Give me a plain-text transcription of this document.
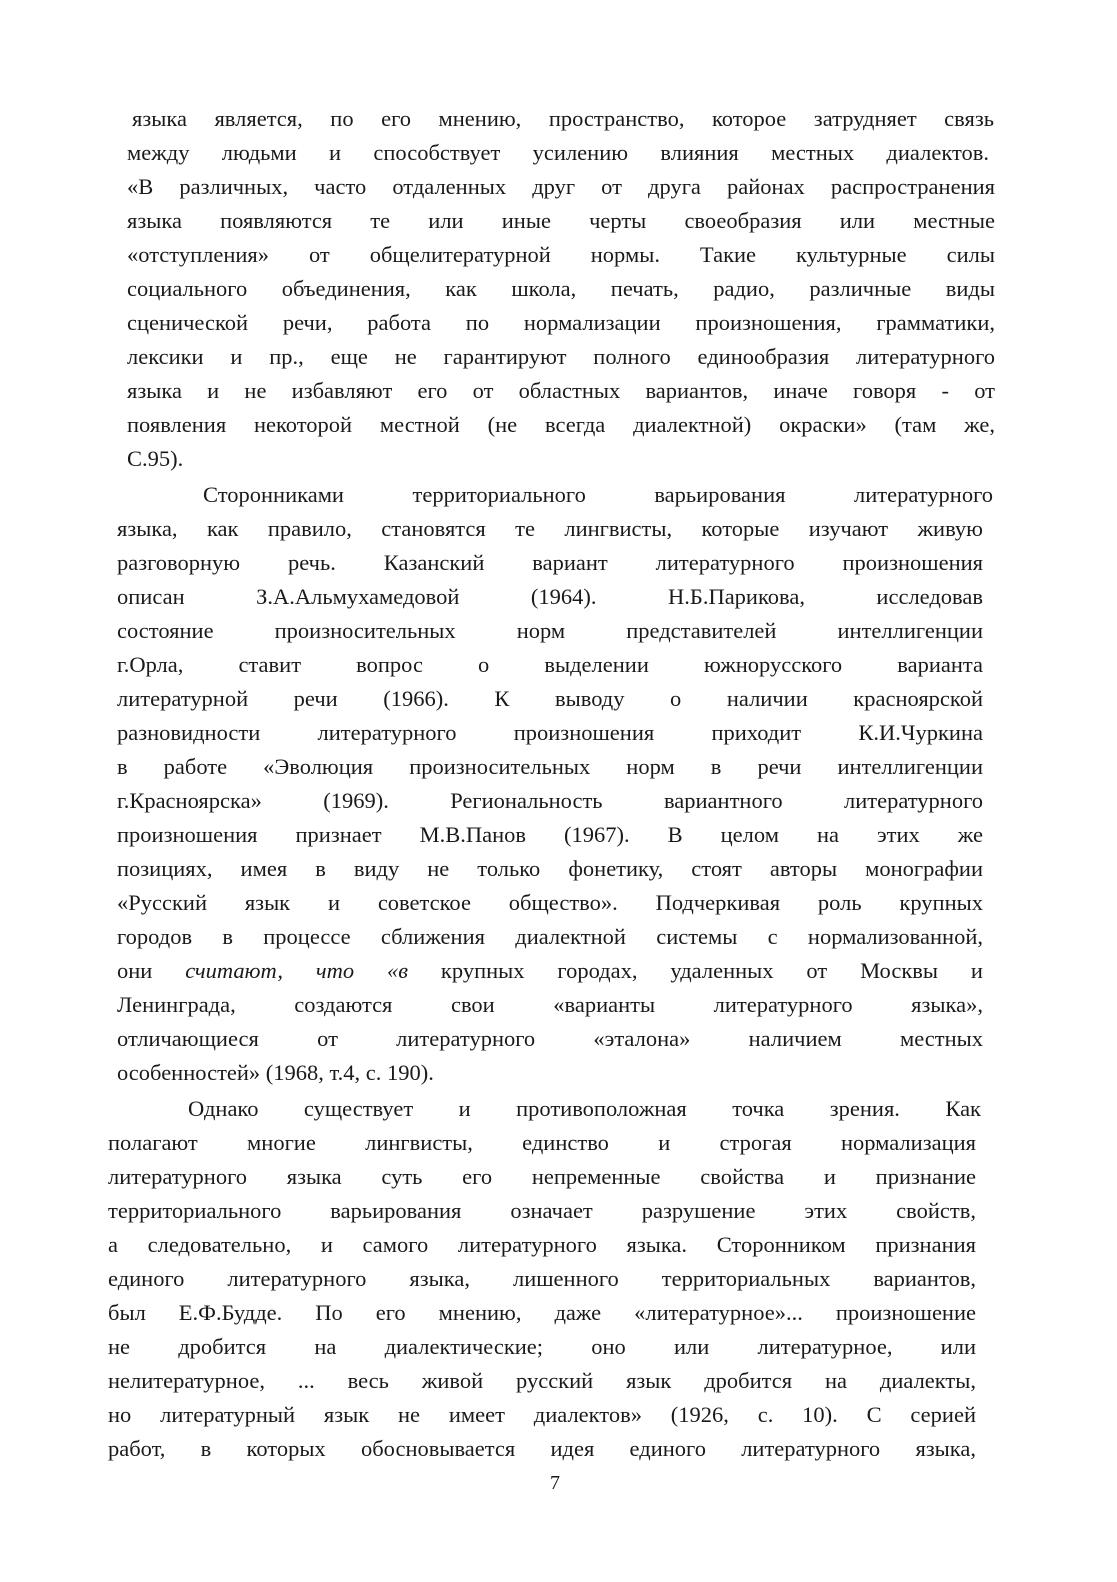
языка является, по его мнению, пространство, которое затрудняет связь
между людьми и способствует усилению влияния местных диалектов.
«В различных, часто отдаленных друг от друга районах распространения
языка появляются те или иные черты своеобразия или местные
«отступления» от общелитературной нормы. Такие культурные силы
социального объединения, как школа, печать, радио, различные виды
сценической речи, работа по нормализации произношения, грамматики,
лексики и пр., еще не гарантируют полного единообразия литературного
языка и не избавляют его от областных вариантов, иначе говоря - от
появления некоторой местной (не всегда диалектной) окраски» (там же,
С.95).
Сторонниками территориального варьирования литературного
языка, как правило, становятся те лингвисты, которые изучают живую
разговорную речь. Казанский вариант литературного произношения
описан З.А.Альмухамедовой (1964). Н.Б.Парикова, исследовав
состояние произносительных норм представителей интеллигенции
г.Орла, ставит вопрос о выделении южнорусского варианта
литературной речи (1966). К выводу о наличии красноярской
разновидности литературного произношения приходит К.И.Чуркина
в работе «Эволюция произносительных норм в речи интеллигенции
г.Красноярска» (1969). Региональность вариантного литературного
произношения признает М.В.Панов (1967). В целом на этих же
позициях, имея в виду не только фонетику, стоят авторы монографии
«Русский язык и советское общество». Подчеркивая роль крупных
городов в процессе сближения диалектной системы с нормализованной,
они считают, что «в крупных городах, удаленных от Москвы и
Ленинграда, создаются свои «варианты литературного языка»,
отличающиеся от литературного «эталона» наличием местных
особенностей» (1968, т.4, с. 190).
Однако существует и противоположная точка зрения. Как
полагают многие лингвисты, единство и строгая нормализация
литературного языка суть его непременные свойства и признание
территориального варьирования означает разрушение этих свойств,
а следовательно, и самого литературного языка. Сторонником признания
единого литературного языка, лишенного территориальных вариантов,
был Е.Ф.Будде. По его мнению, даже «литературное»... произношение
не дробится на диалектические; оно или литературное, или
нелитературное, ... весь живой русский язык дробится на диалекты,
но литературный язык не имеет диалектов» (1926, с. 10). С серией
работ, в которых обосновывается идея единого литературного языка,
7
